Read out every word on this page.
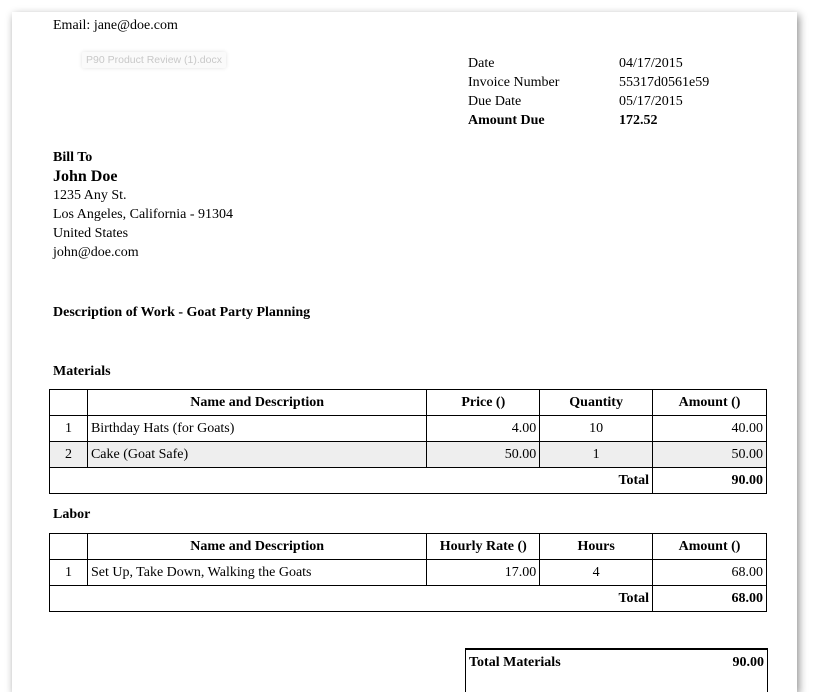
Email: jane@doe.com
P90 Product Review (1).docx	Date	04/17/2015
Invoice Number	55317d0561e59
Due Date	05/17/2015
Amount Due	172.52
Bill To
John Doe
1235 Any St.
Los Angeles, California - 91304
United States
john@doe.com
Description of Work - Goat Party Planning
Materials
	Name and Description	Price ()	Quantity	Amount ()
1	Birthday Hats (for Goats)	4.00	10	40.00
2	Cake (Goat Safe)	50.00	1	50.00
Total				90.00
Labor
	Name and Description	Hourly Rate ()	Hours	Amount ()
1	Set Up, Take Down, Walking the Goats	17.00	4	68.00
Total				68.00
Total Materials	90.00
